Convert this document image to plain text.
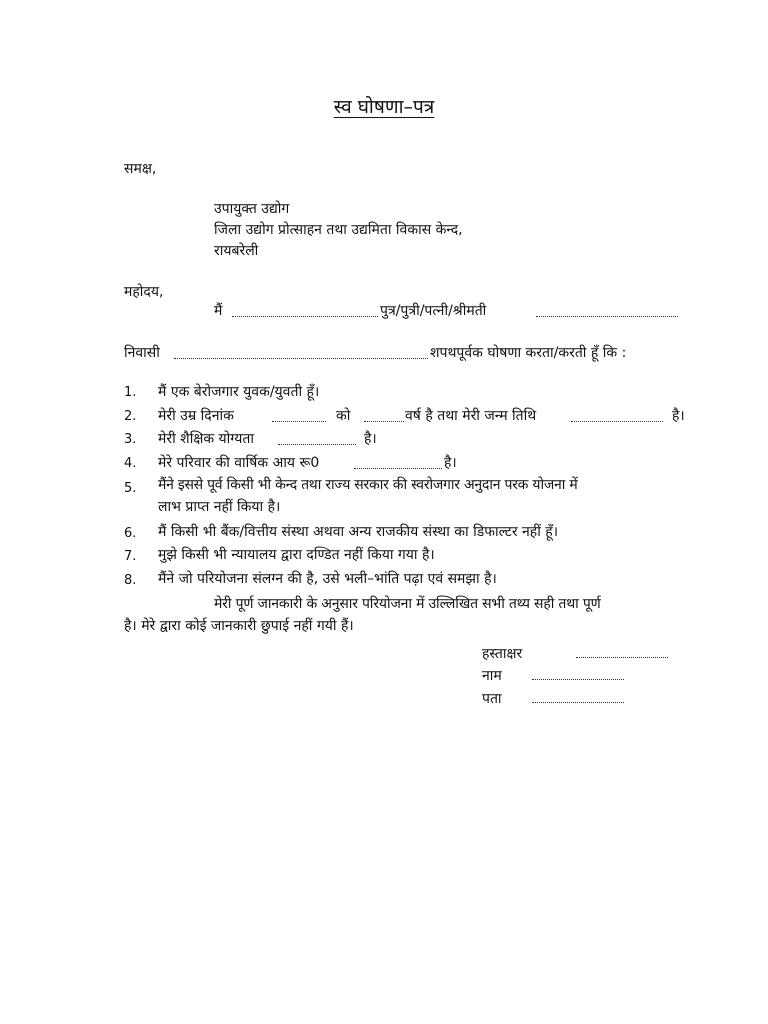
स्व घोषणा–पत्र
समक्ष,
उपायुक्त उद्योग
जिला उद्योग प्रोत्साहन तथा उद्यमिता विकास केन्द,
रायबरेली
महोदय,
मैं	पुत्र/पुत्री/पत्नी/श्रीमती
निवासी	शपथपूर्वक घोषणा करता/करती हूँ कि :
1. मैं एक बेरोजगार युवक/युवती हूँ।
2. मेरी उम्र दिनांक	को	वर्ष है तथा मेरी जन्म तिथि	है।
3. मेरी शैक्षिक योग्यता	है।
4. मेरे परिवार की वार्षिक आय रू0	है।
5. मैंने इससे पूर्व किसी भी केन्द तथा राज्य सरकार की स्वरोजगार अनुदान परक योजना में
लाभ प्राप्त नहीं किया है।
6. मैं किसी भी बैंक/वित्तीय संस्था अथवा अन्य राजकीय संस्था का डिफाल्टर नहीं हूँ।
7. मुझे किसी भी न्यायालय द्वारा दण्डित नहीं किया गया है।
8. मैंने जो परियोजना संलग्न की है, उसे भली–भांति पढ़ा एवं समझा है।
मेरी पूर्ण जानकारी के अनुसार परियोजना में उल्लिखित सभी तथ्य सही तथा पूर्ण
है। मेरे द्वारा कोई जानकारी छुपाई नहीं गयी हैं।
हस्ताक्षर
नाम
पता
